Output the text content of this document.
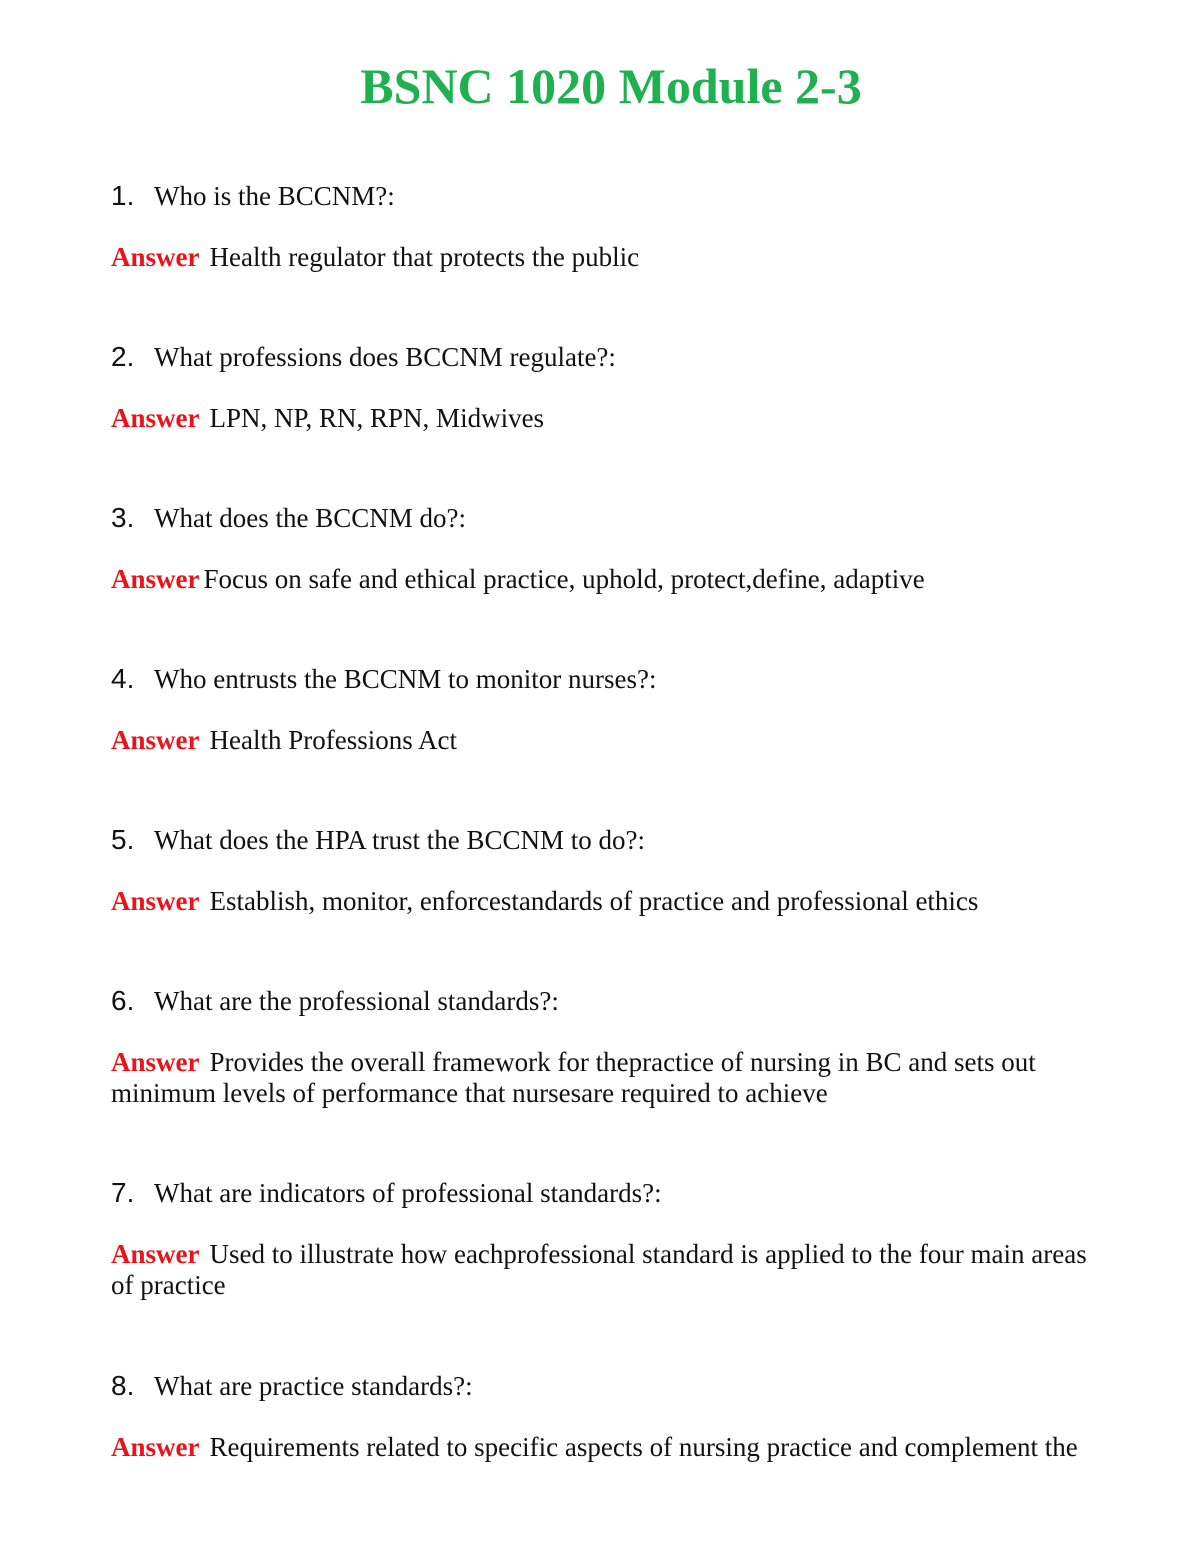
BSNC 1020 Module 2-3

1. Who is the BCCNM?:

Answer Health regulator that protects the public

2. What professions does BCCNM regulate?:

Answer LPN, NP, RN, RPN, Midwives

3. What does the BCCNM do?:

Answer Focus on safe and ethical practice, uphold, protect,define, adaptive

4. Who entrusts the BCCNM to monitor nurses?:

Answer Health Professions Act

5. What does the HPA trust the BCCNM to do?:

Answer Establish, monitor, enforcestandards of practice and professional ethics

6. What are the professional standards?:

Answer Provides the overall framework for thepractice of nursing in BC and sets out minimum levels of performance that nursesare required to achieve

7. What are indicators of professional standards?:

Answer Used to illustrate how eachprofessional standard is applied to the four main areas of practice

8. What are practice standards?:

Answer Requirements related to specific aspects of nursing practice and complement the
